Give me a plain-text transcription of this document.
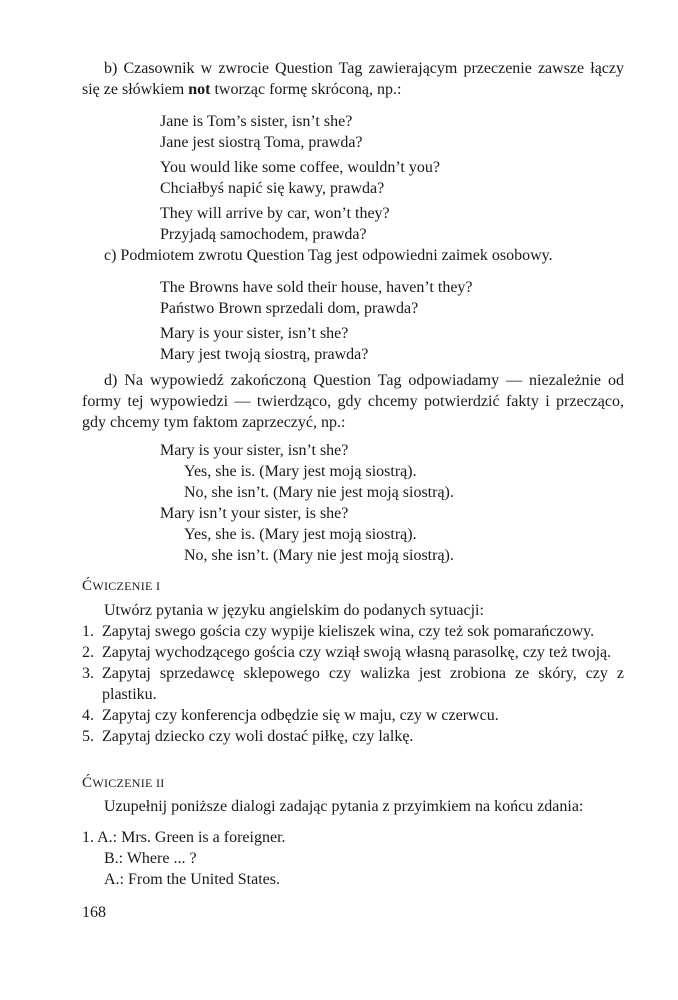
b) Czasownik w zwrocie Question Tag zawierającym przeczenie zawsze łączy się ze słówkiem not tworząc formę skróconą, np.:

Jane is Tom’s sister, isn’t she?
Jane jest siostrą Toma, prawda?
You would like some coffee, wouldn’t you?
Chciałbyś napić się kawy, prawda?
They will arrive by car, won’t they?
Przyjadą samochodem, prawda?

c) Podmiotem zwrotu Question Tag jest odpowiedni zaimek osobowy.

The Browns have sold their house, haven’t they?
Państwo Brown sprzedali dom, prawda?
Mary is your sister, isn’t she?
Mary jest twoją siostrą, prawda?

d) Na wypowiedź zakończoną Question Tag odpowiadamy — niezależnie od formy tej wypowiedzi — twierdząco, gdy chcemy potwierdzić fakty i przecząco, gdy chcemy tym faktom zaprzeczyć, np.:

Mary is your sister, isn’t she?
Yes, she is. (Mary jest moją siostrą).
No, she isn’t. (Mary nie jest moją siostrą).
Mary isn’t your sister, is she?
Yes, she is. (Mary jest moją siostrą).
No, she isn’t. (Mary nie jest moją siostrą).
ĆWICZENIE I

Utwórz pytania w języku angielskim do podanych sytuacji:

1. Zapytaj swego gościa czy wypije kieliszek wina, czy też sok pomarańczowy.
2. Zapytaj wychodzącego gościa czy wziął swoją własną parasolkę, czy też twoją.
3. Zapytaj sprzedawcę sklepowego czy walizka jest zrobiona ze skóry, czy z plastiku.
4. Zapytaj czy konferencja odbędzie się w maju, czy w czerwcu.
5. Zapytaj dziecko czy woli dostać piłkę, czy lalkę.
ĆWICZENIE II

Uzupełnij poniższe dialogi zadając pytania z przyimkiem na końcu zdania:

1. A.: Mrs. Green is a foreigner.
B.: Where ... ?
A.: From the United States.
168
